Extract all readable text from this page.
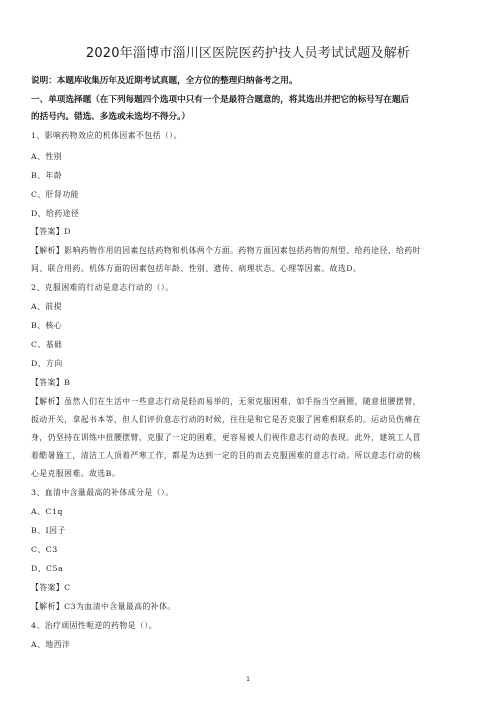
2020年淄博市淄川区医院医药护技人员考试试题及解析
说明：本题库收集历年及近期考试真题，全方位的整理归纳备考之用。
一、单项选择题（在下列每题四个选项中只有一个是最符合题意的，将其选出并把它的标号写在题后
的括号内。错选、多选或未选均不得分。）
1、影响药物效应的机体因素不包括（）。
A、性别
B、年龄
C、肝肾功能
D、给药途径
【答案】D
【解析】影响药物作用的因素包括药物和机体两个方面。药物方面因素包括药物的剂型、给药途径、给药时
间、联合用药。机体方面的因素包括年龄、性别、遗传、病理状态、心理等因素。故选D。
2、克服困难的行动是意志行动的（）。
A、前提
B、核心
C、基础
D、方向
【答案】B
【解析】虽然人们在生活中一些意志行动是轻而易举的，无须克服困难，如手指当空画圈，随意扭腰摆臂，
扳动开关，拿起书本等，但人们评价意志行动的时候，往往是和它是否克服了困难相联系的。运动员伤痛在
身，仍坚持在训练中扭腰摆臂，克服了一定的困难，更容易被人们视作意志行动的表现。此外，建筑工人冒
着酷暑施工，清洁工人顶着严寒工作，都是为达到一定的目的而去克服困难的意志行动。所以意志行动的核
心是克服困难。故选B。
3、血清中含量最高的补体成分是（）。
A、C1q
B、I因子
C、C3
D、C5a
【答案】C
【解析】C3为血清中含量最高的补体。
4、治疗顽固性呃逆的药物是（）。
A、地西泮
1
